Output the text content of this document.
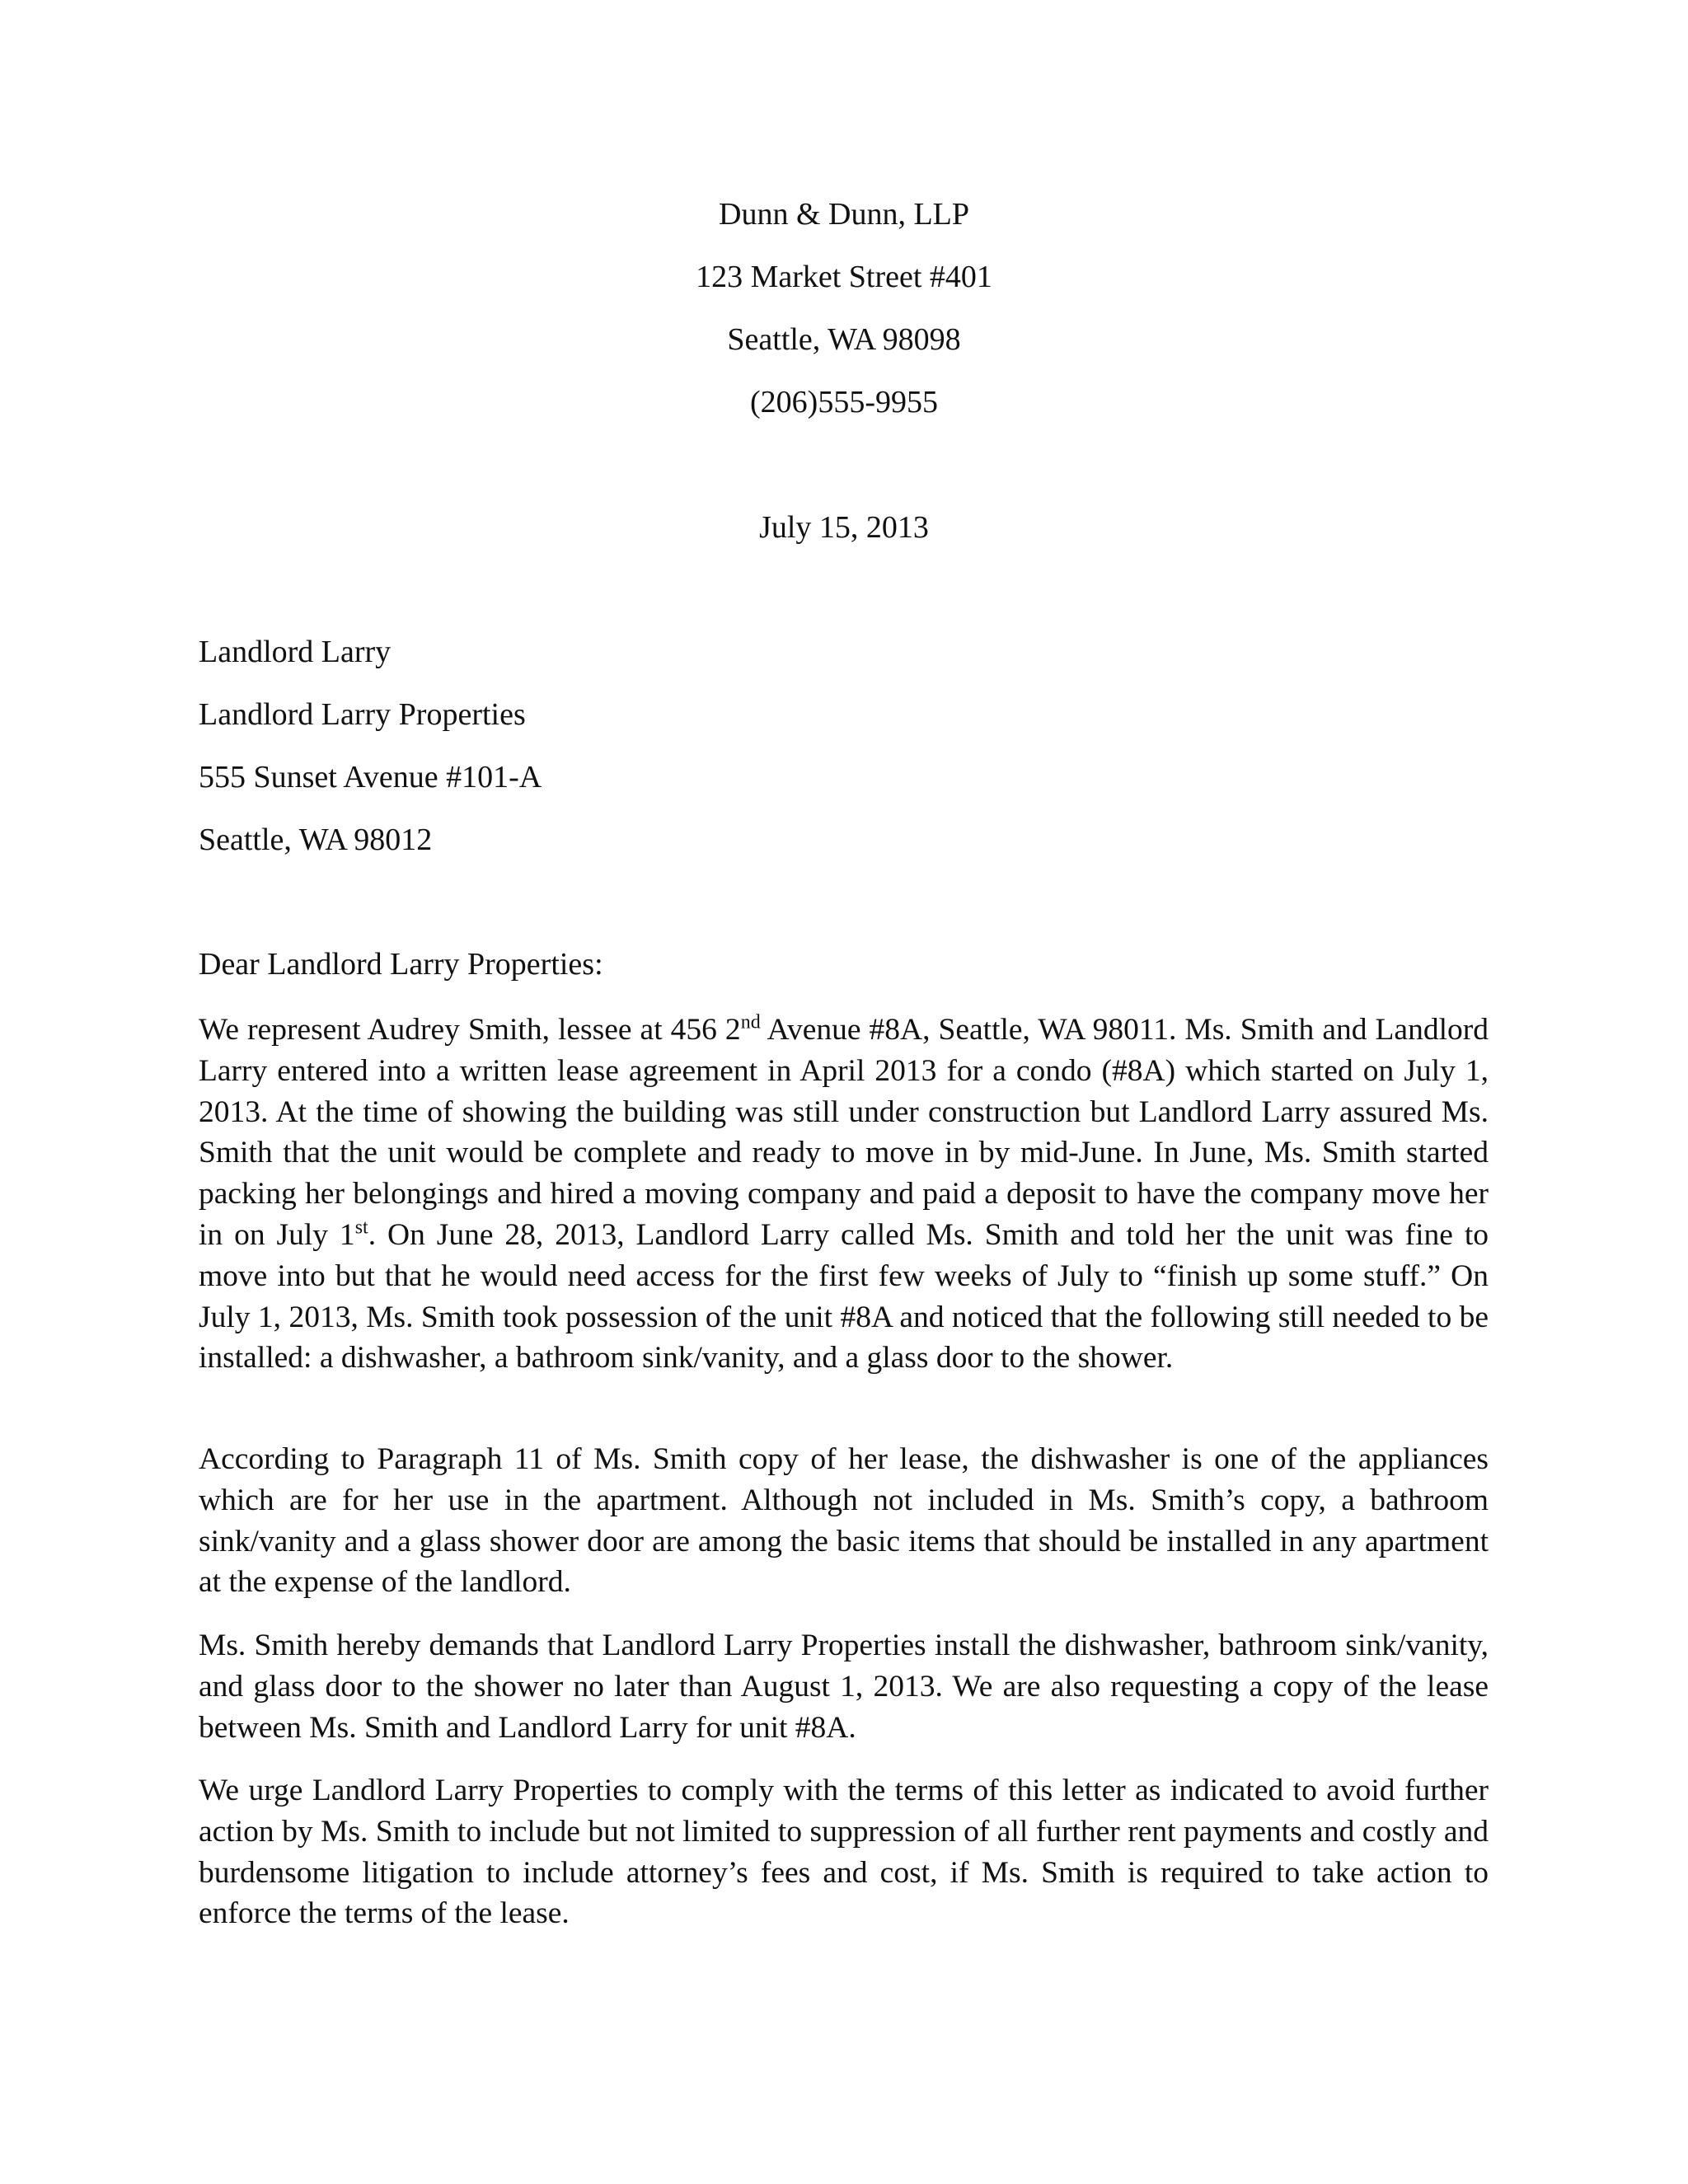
Dunn & Dunn, LLP
123 Market Street #401
Seattle, WA 98098
(206)555-9955
July 15, 2013
Landlord Larry
Landlord Larry Properties
555 Sunset Avenue #101-A
Seattle, WA 98012
Dear Landlord Larry Properties:

We represent Audrey Smith, lessee at 456 2nd Avenue #8A, Seattle, WA 98011. Ms. Smith and Landlord Larry entered into a written lease agreement in April 2013 for a condo (#8A) which started on July 1, 2013. At the time of showing the building was still under construction but Landlord Larry assured Ms. Smith that the unit would be complete and ready to move in by mid-June. In June, Ms. Smith started packing her belongings and hired a moving company and paid a deposit to have the company move her in on July 1st. On June 28, 2013, Landlord Larry called Ms. Smith and told her the unit was fine to move into but that he would need access for the first few weeks of July to “finish up some stuff.” On July 1, 2013, Ms. Smith took possession of the unit #8A and noticed that the following still needed to be installed: a dishwasher, a bathroom sink/vanity, and a glass door to the shower.

According to Paragraph 11 of Ms. Smith copy of her lease, the dishwasher is one of the appliances which are for her use in the apartment. Although not included in Ms. Smith’s copy, a bathroom sink/vanity and a glass shower door are among the basic items that should be installed in any apartment at the expense of the landlord.

Ms. Smith hereby demands that Landlord Larry Properties install the dishwasher, bathroom sink/vanity, and glass door to the shower no later than August 1, 2013. We are also requesting a copy of the lease between Ms. Smith and Landlord Larry for unit #8A.

We urge Landlord Larry Properties to comply with the terms of this letter as indicated to avoid further action by Ms. Smith to include but not limited to suppression of all further rent payments and costly and burdensome litigation to include attorney’s fees and cost, if Ms. Smith is required to take action to enforce the terms of the lease.
